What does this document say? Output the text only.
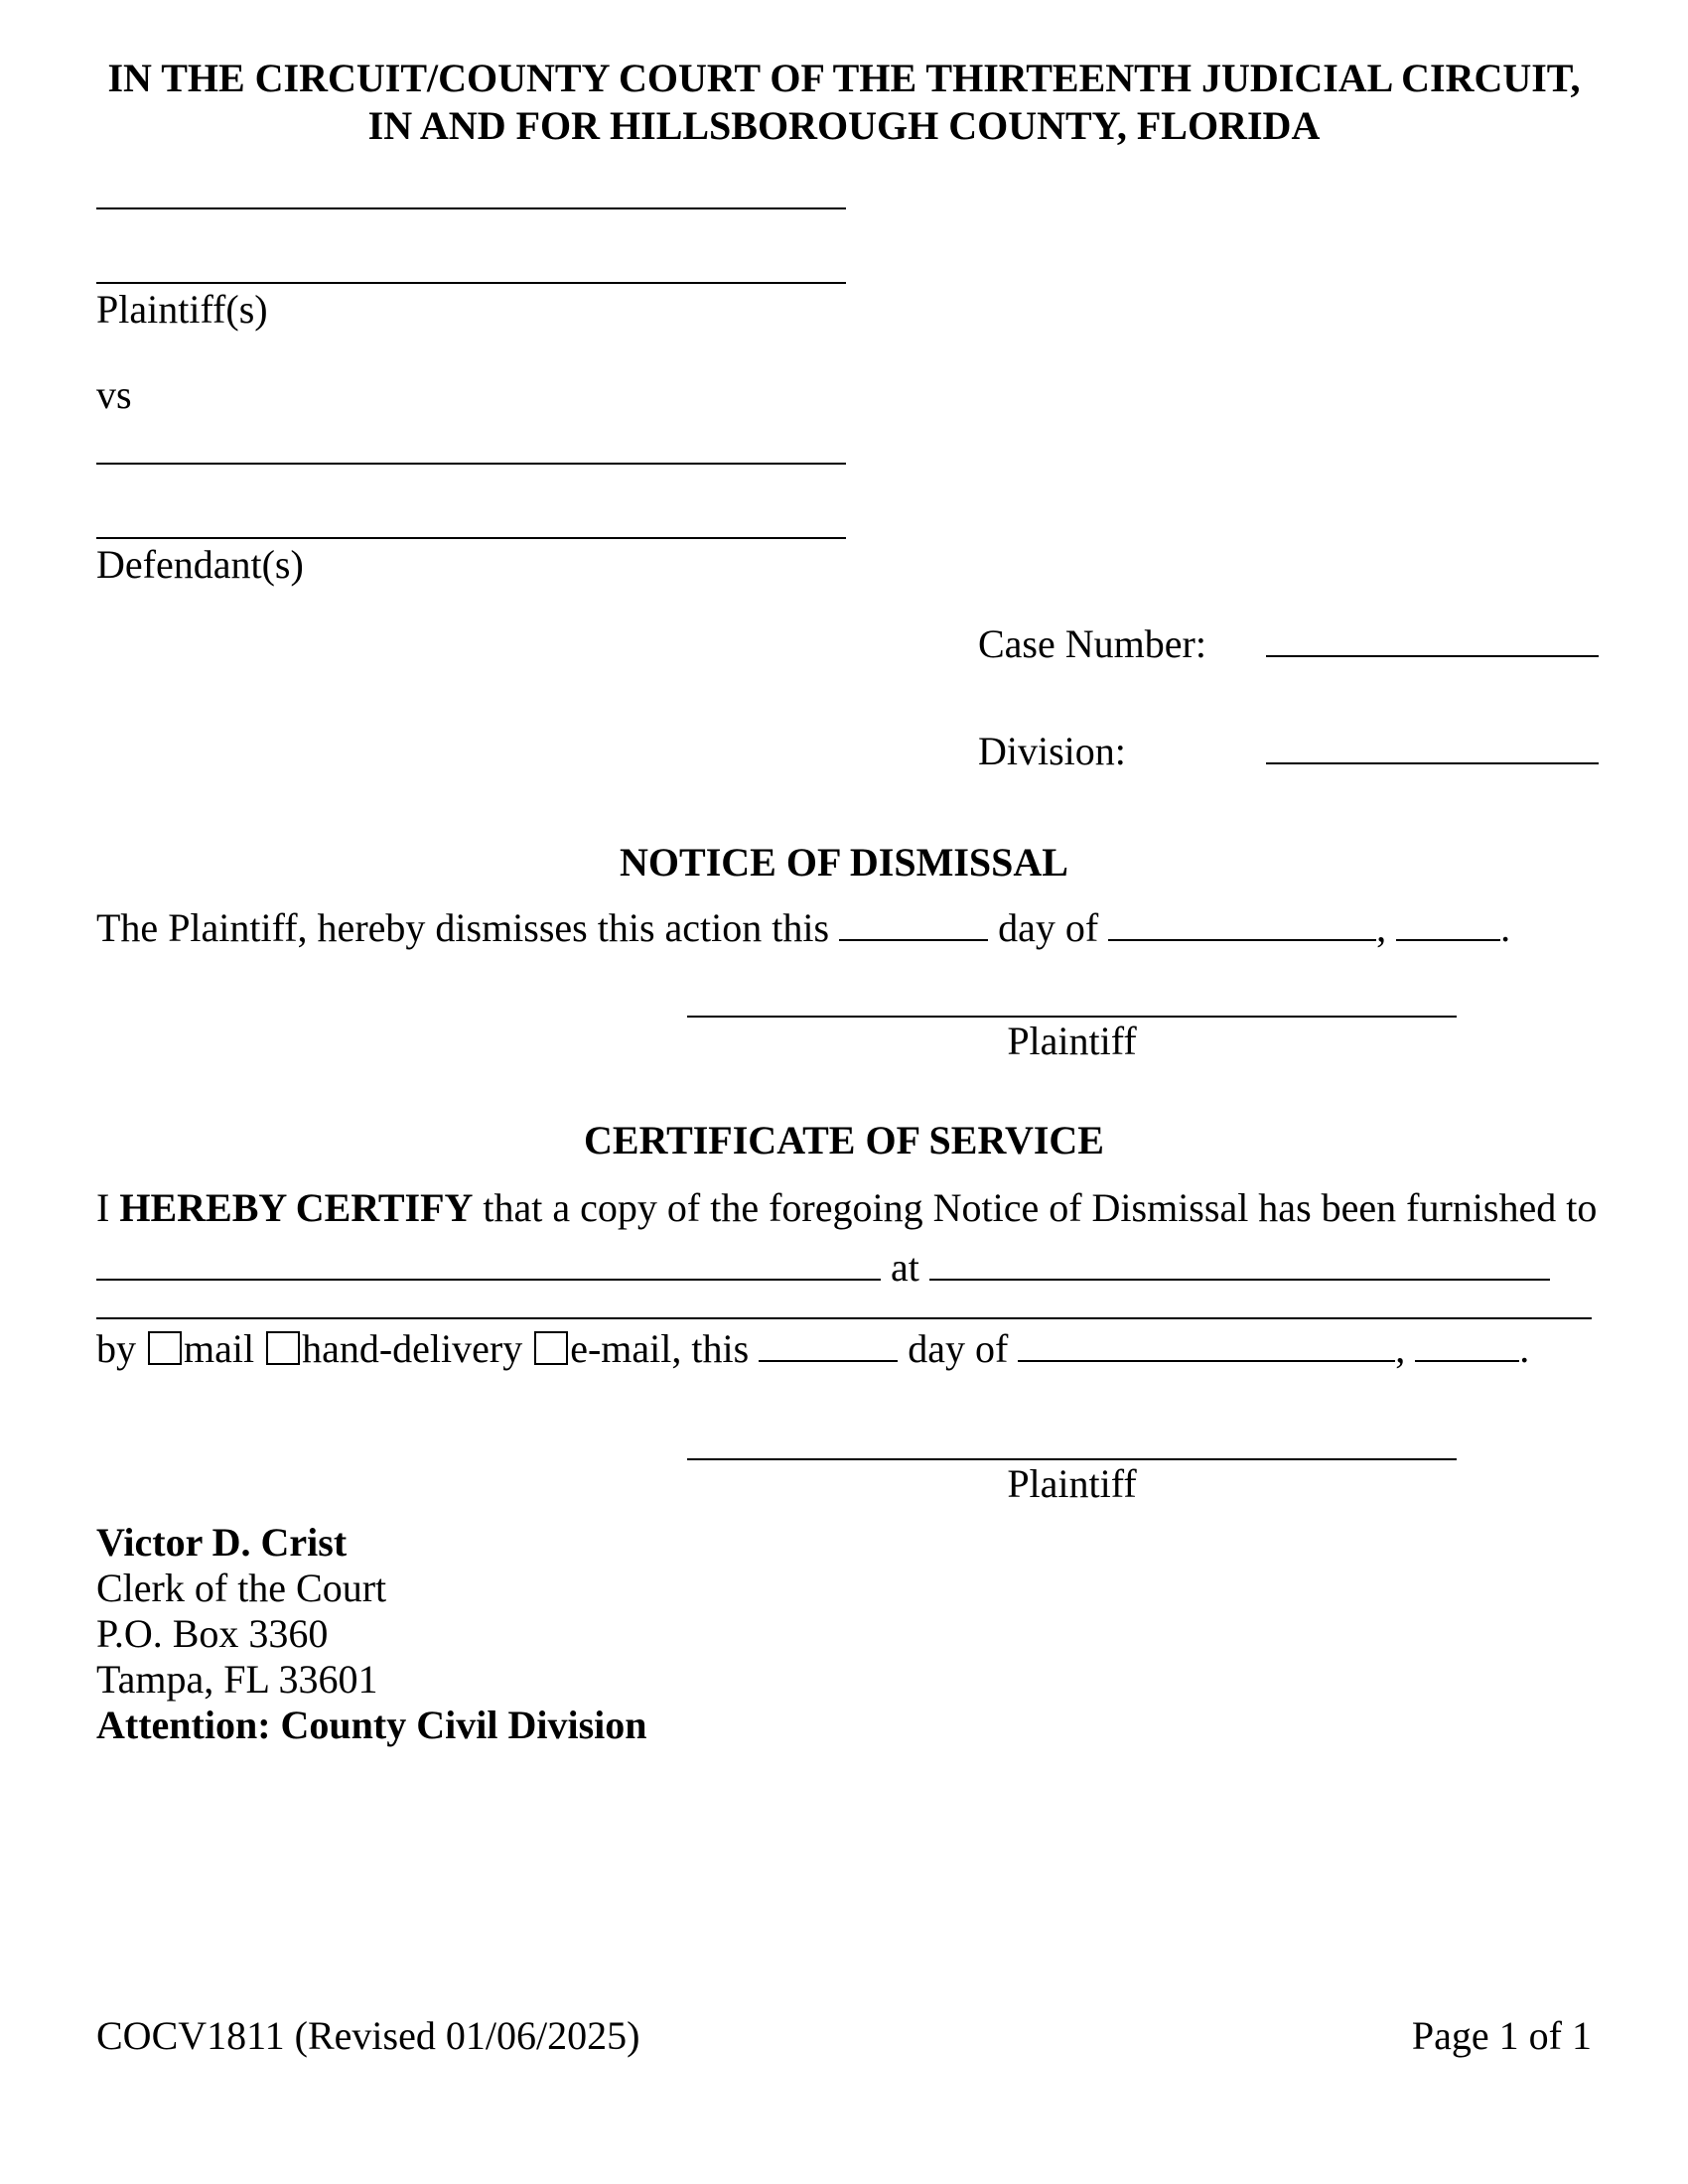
IN THE CIRCUIT/COUNTY COURT OF THE THIRTEENTH JUDICIAL CIRCUIT,
IN AND FOR HILLSBOROUGH COUNTY, FLORIDA
Plaintiff(s)
vs
Defendant(s)
Case Number:
Division:
NOTICE OF DISMISSAL
The Plaintiff, hereby dismisses this action this	day of	,	.
Plaintiff
CERTIFICATE OF SERVICE
I HEREBY CERTIFY that a copy of the foregoing Notice of Dismissal has been furnished to
at
by mail hand-delivery e-mail, this	day of	,	.
Plaintiff
Victor D. Crist
Clerk of the Court
P.O. Box 3360
Tampa, FL 33601
Attention: County Civil Division
COCV1811 (Revised 01/06/2025)	Page 1 of 1
